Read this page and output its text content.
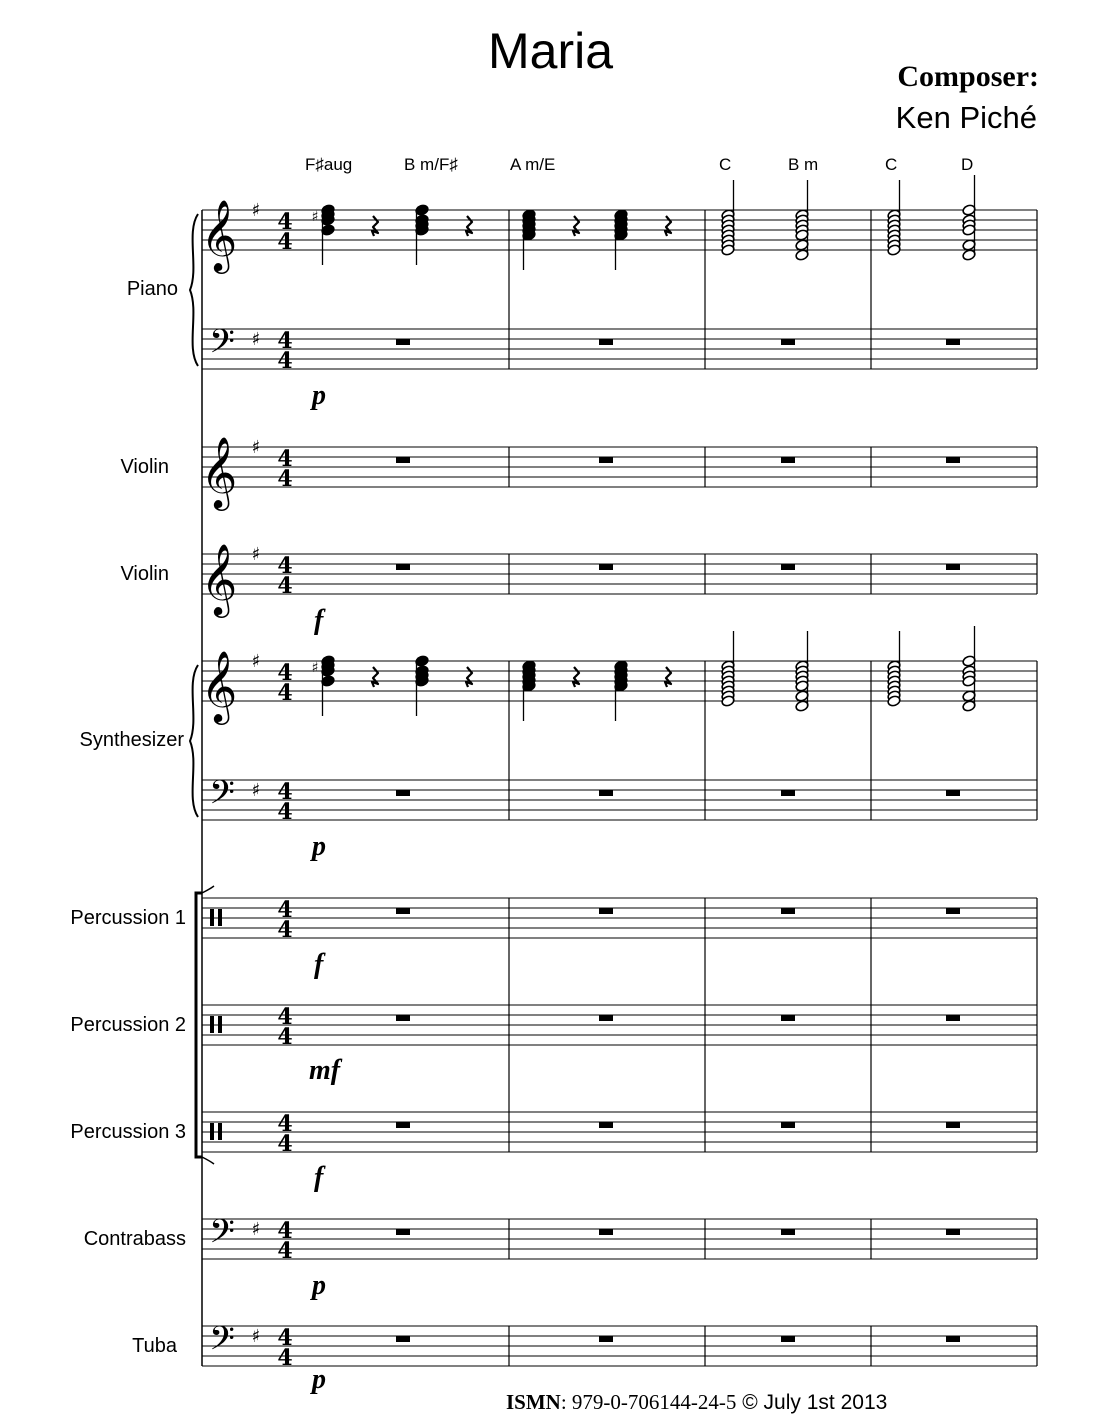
Maria	Composer:
Ken Piché
F♯aug	B m/F♯	A m/E	C	B m	C	D
Piano
Violin
Violin
Synthesizer
Percussion 1
Percussion 2
Percussion 3
Contrabass
Tuba
p
f
p
f
mf
f
p
p
ISMN: 979-0-706144-24-5 © July 1st 2013
𝄞 ♯ 4
4
♯
𝄢 ♯ 4
4
𝄞 ♯ 4
4
𝄞 ♯ 4
4
𝄞 ♯ 4
4
♯
𝄢 ♯ 4
4
4
4
4
4
4
4
𝄢 ♯ 4
4
𝄢 ♯ 4
4
